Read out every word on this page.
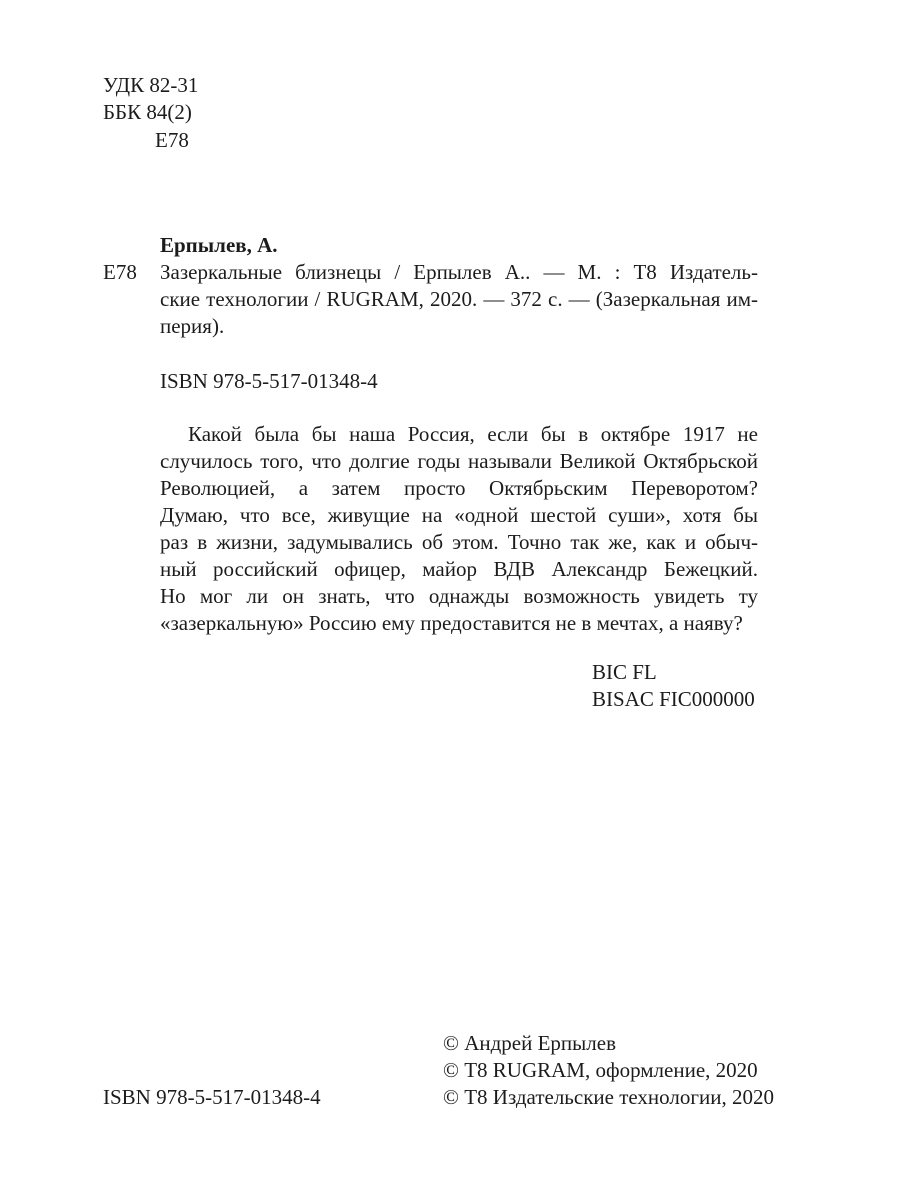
УДК 82-31
ББК 84(2)
Е78
Ерпылев, А.
Е78 Зазеркальные близнецы / Ерпылев А.. — М. : Т8 Издатель-
ские технологии / RUGRAM, 2020. — 372 с. — (Зазеркальная им-
перия).
ISBN 978-5-517-01348-4
Какой была бы наша Россия, если бы в октябре 1917 не
случилось того, что долгие годы называли Великой Октябрьской
Революцией, а затем просто Октябрьским Переворотом?
Думаю, что все, живущие на «одной шестой суши», хотя бы
раз в жизни, задумывались об этом. Точно так же, как и обыч-
ный российский офицер, майор ВДВ Александр Бежецкий.
Но мог ли он знать, что однажды возможность увидеть ту
«зазеркальную» Россию ему предоставится не в мечтах, а наяву?
BIC FL
BISAC FIC000000
© Андрей Ерпылев
© Т8 RUGRAM, оформление, 2020
© Т8 Издательские технологии, 2020
ISBN 978-5-517-01348-4
